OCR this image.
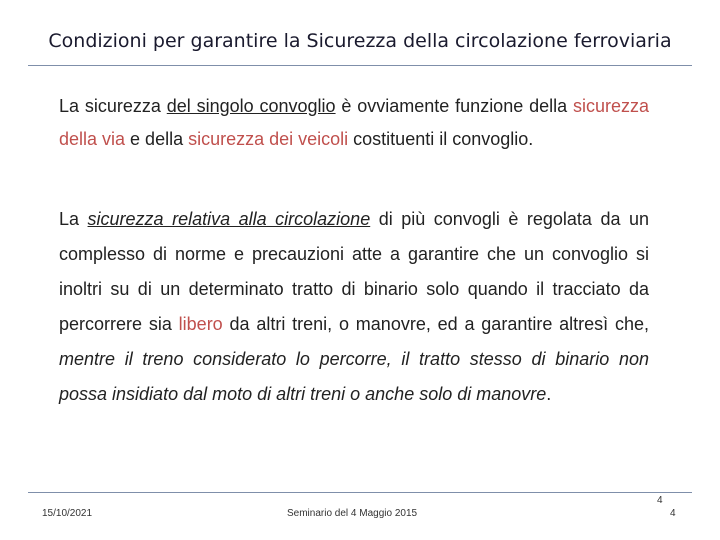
Condizioni per garantire la Sicurezza della circolazione ferroviaria
La sicurezza del singolo convoglio è ovviamente funzione della sicurezza della via e della sicurezza dei veicoli costituenti il convoglio.
La sicurezza relativa alla circolazione di più convogli è regolata da un complesso di norme e precauzioni atte a garantire che un convoglio si inoltri su di un determinato tratto di binario solo quando il tracciato da percorrere sia libero da altri treni, o manovre, ed a garantire altresì che, mentre il treno considerato lo percorre, il tratto stesso di binario non possa insidiato dal moto di altri treni o anche solo di manovre.
15/10/2021	Seminario del 4 Maggio 2015
4
4
